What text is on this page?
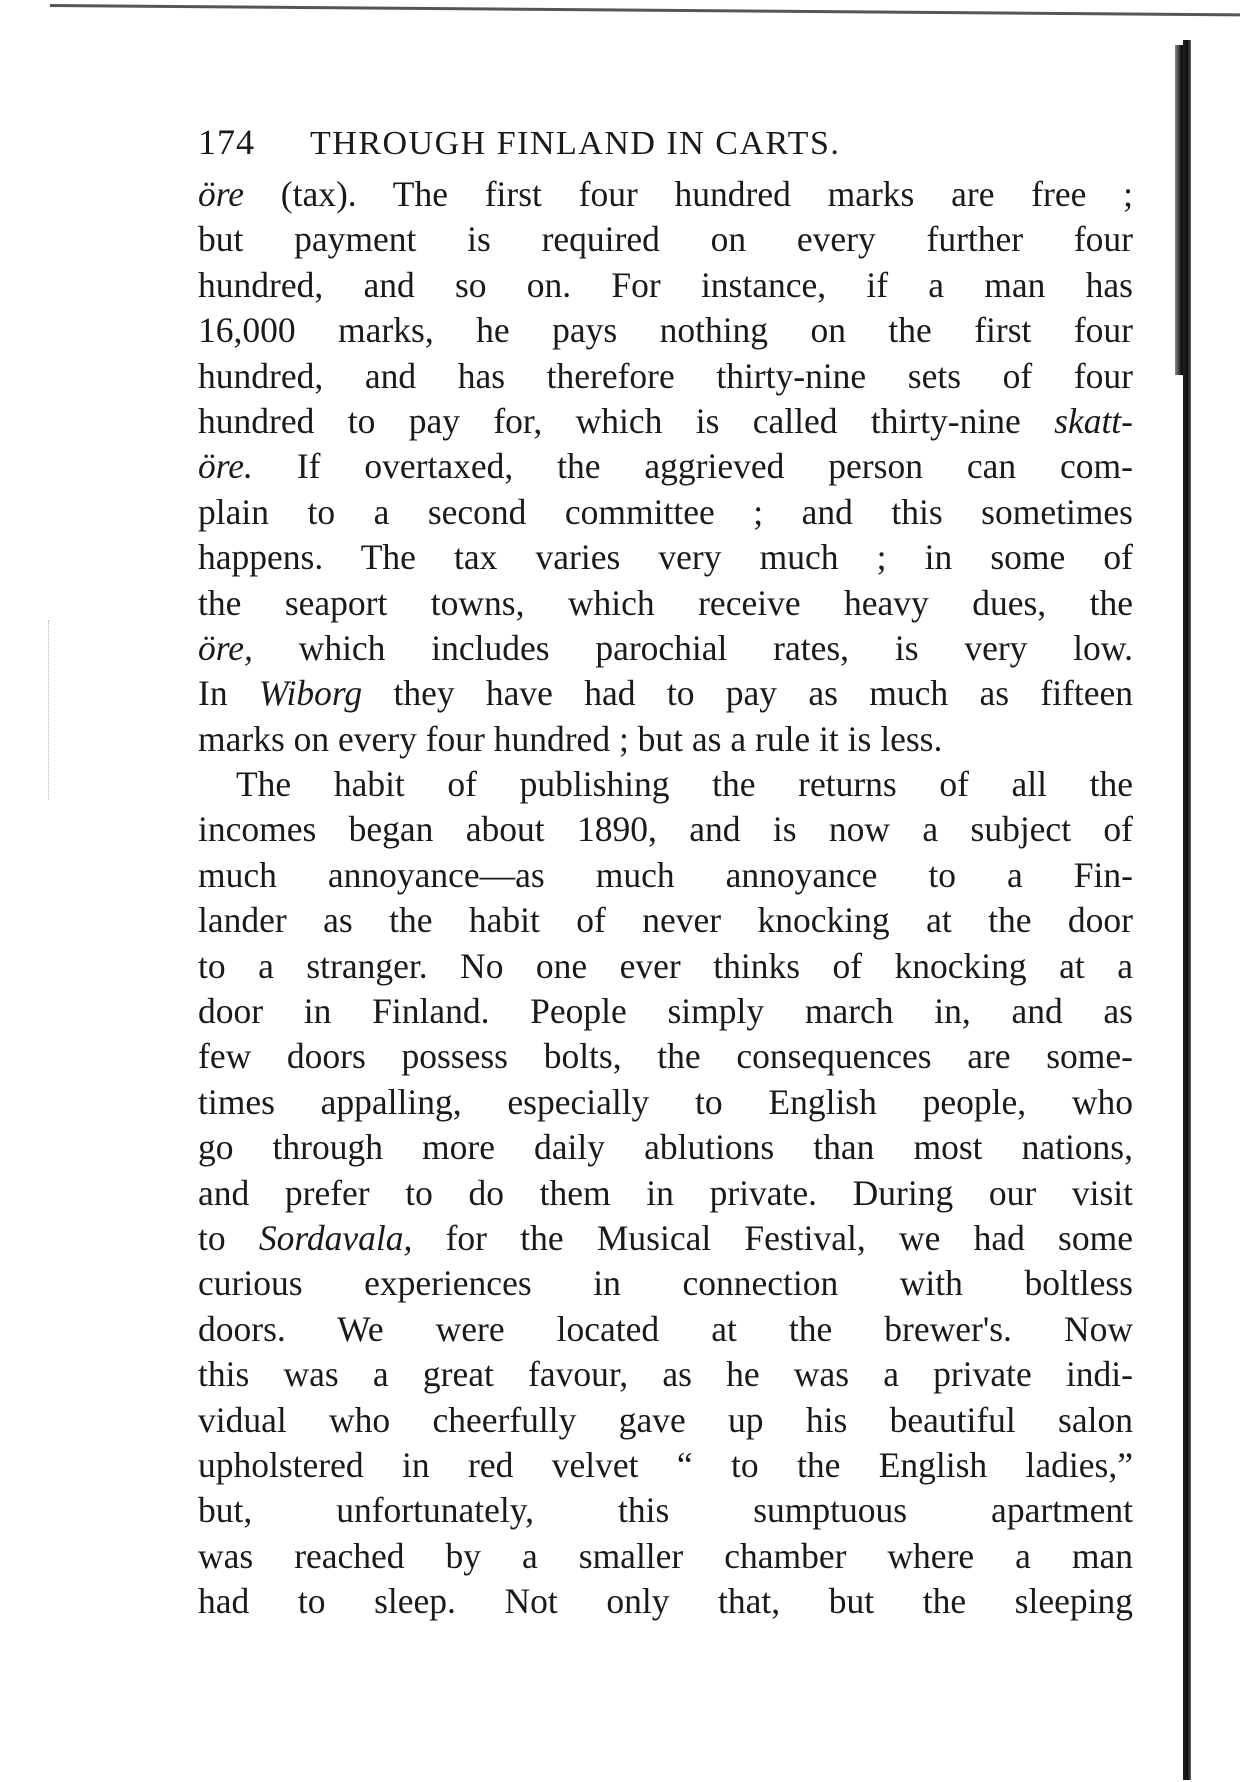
174	THROUGH FINLAND IN CARTS.
öre (tax). The first four hundred marks are free ;
but payment is required on every further four
hundred, and so on. For instance, if a man has
16,000 marks, he pays nothing on the first four
hundred, and has therefore thirty-nine sets of four
hundred to pay for, which is called thirty-nine skatt-
öre. If overtaxed, the aggrieved person can com-
plain to a second committee ; and this sometimes
happens. The tax varies very much ; in some of
the seaport towns, which receive heavy dues, the
öre, which includes parochial rates, is very low.
In Wiborg they have had to pay as much as fifteen
marks on every four hundred ; but as a rule it is less.
The habit of publishing the returns of all the
incomes began about 1890, and is now a subject of
much annoyance—as much annoyance to a Fin-
lander as the habit of never knocking at the door
to a stranger. No one ever thinks of knocking at a
door in Finland. People simply march in, and as
few doors possess bolts, the consequences are some-
times appalling, especially to English people, who
go through more daily ablutions than most nations,
and prefer to do them in private. During our visit
to Sordavala, for the Musical Festival, we had some
curious experiences in connection with boltless
doors. We were located at the brewer's. Now
this was a great favour, as he was a private indi-
vidual who cheerfully gave up his beautiful salon
upholstered in red velvet “ to the English ladies,”
but, unfortunately, this sumptuous apartment
was reached by a smaller chamber where a man
had to sleep. Not only that, but the sleeping
